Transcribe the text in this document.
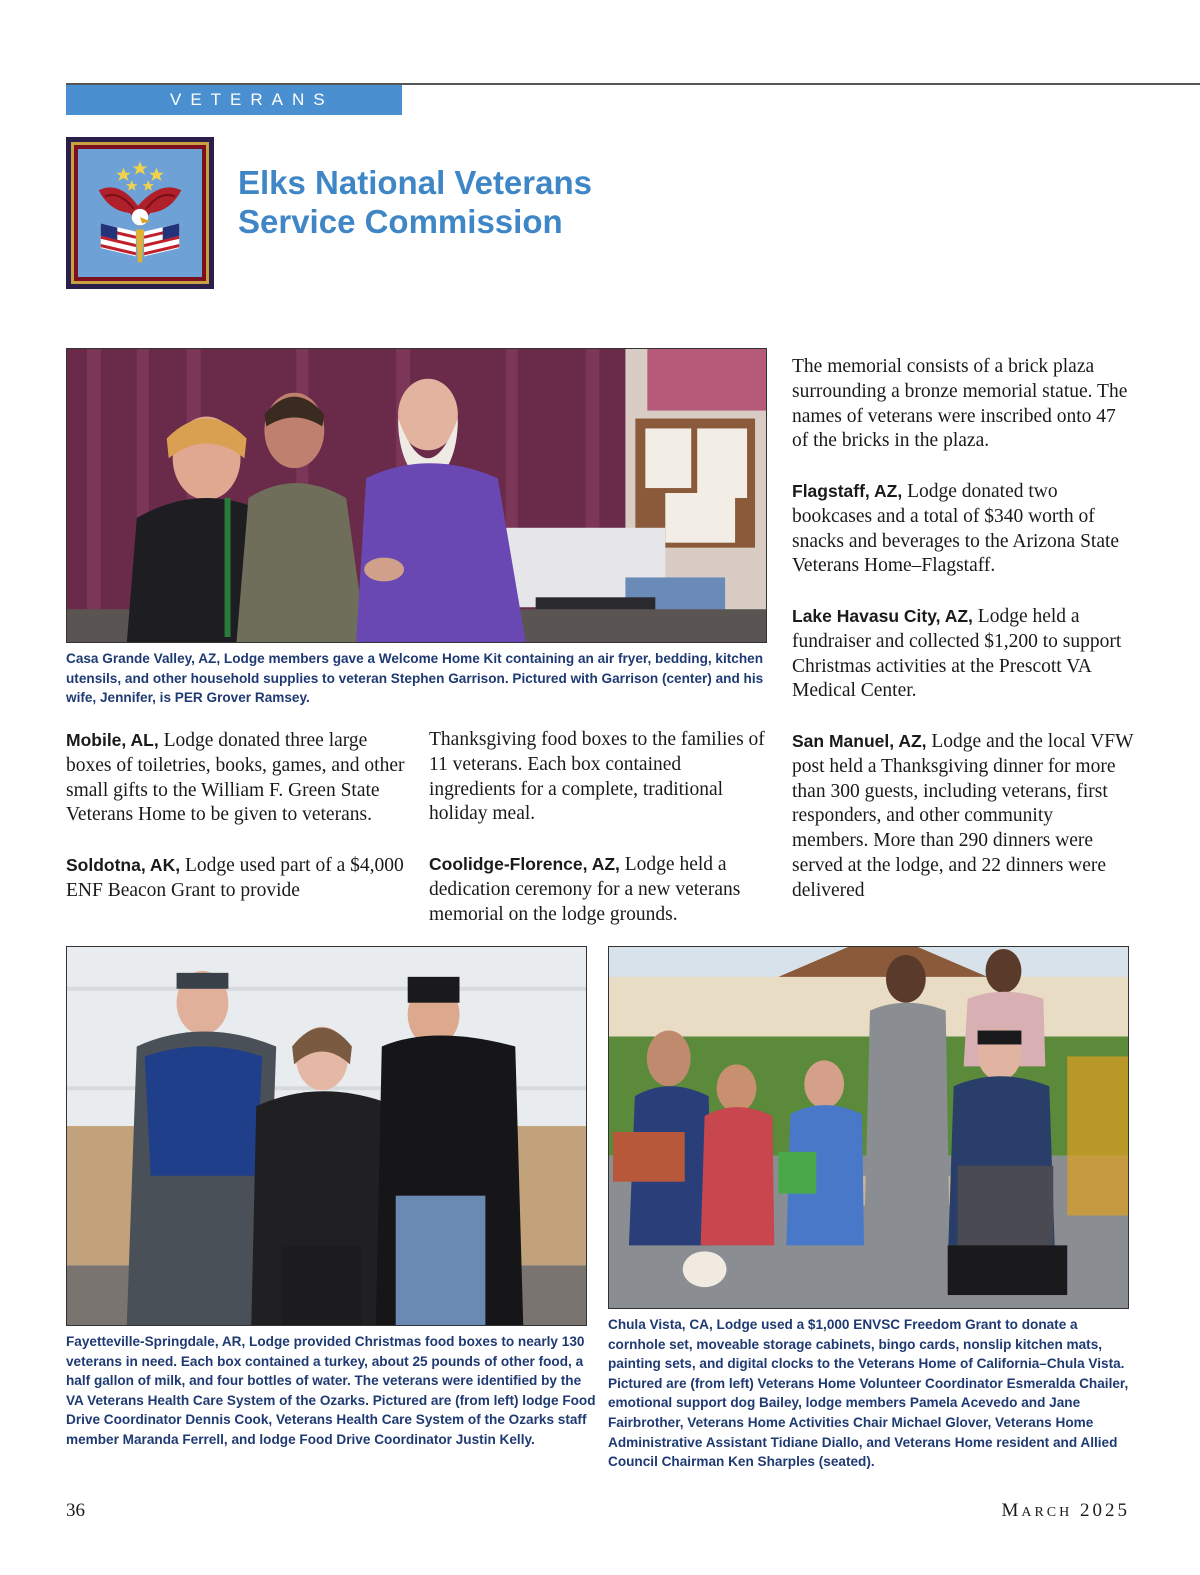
VETERANS
Elks National Veterans
Service Commission
Casa Grande Valley, AZ, Lodge members gave a Welcome Home Kit containing an air fryer, bedding, kitchen utensils, and other household supplies to veteran Stephen Garrison. Pictured with Garrison (center) and his wife, Jennifer, is PER Grover Ramsey.

Mobile, AL, Lodge donated three large boxes of toiletries, books, games, and other small gifts to the William F. Green State Veterans Home to be given to veterans.

Soldotna, AK, Lodge used part of a $4,000 ENF Beacon Grant to provide

Thanksgiving food boxes to the families of 11 veterans. Each box contained ingredients for a complete, traditional holiday meal.

Coolidge-Florence, AZ, Lodge held a dedication ceremony for a new veterans memorial on the lodge grounds.

The memorial consists of a brick plaza surrounding a bronze memorial statue. The names of veterans were inscribed onto 47 of the bricks in the plaza.

Flagstaff, AZ, Lodge donated two bookcases and a total of $340 worth of snacks and beverages to the Arizona State Veterans Home–Flagstaff.

Lake Havasu City, AZ, Lodge held a fundraiser and collected $1,200 to support Christmas activities at the Prescott VA Medical Center.

San Manuel, AZ, Lodge and the local VFW post held a Thanksgiving dinner for more than 300 guests, including veterans, first responders, and other community members. More than 290 dinners were served at the lodge, and 22 dinners were delivered

Fayetteville-Springdale, AR, Lodge provided Christmas food boxes to nearly 130 veterans in need. Each box contained a turkey, about 25 pounds of other food, a half gallon of milk, and four bottles of water. The veterans were identified by the VA Veterans Health Care System of the Ozarks. Pictured are (from left) lodge Food Drive Coordinator Dennis Cook, Veterans Health Care System of the Ozarks staff member Maranda Ferrell, and lodge Food Drive Coordinator Justin Kelly.
Chula Vista, CA, Lodge used a $1,000 ENVSC Freedom Grant to donate a cornhole set, moveable storage cabinets, bingo cards, nonslip kitchen mats, painting sets, and digital clocks to the Veterans Home of California–Chula Vista. Pictured are (from left) Veterans Home Volunteer Coordinator Esmeralda Chailer, emotional support dog Bailey, lodge members Pamela Acevedo and Jane Fairbrother, Veterans Home Activities Chair Michael Glover, Veterans Home Administrative Assistant Tidiane Diallo, and Veterans Home resident and Allied Council Chairman Ken Sharples (seated).
36	MARCH 2025
